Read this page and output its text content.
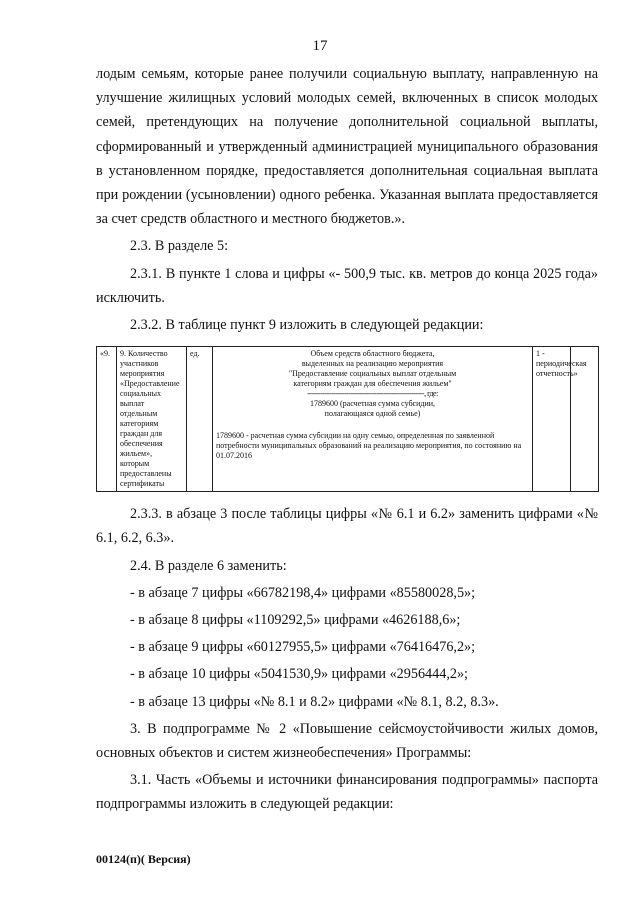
17

лодым семьям, которые ранее получили социальную выплату, направленную на улучшение жилищных условий молодых семей, включенных в список молодых семей, претендующих на получение дополнительной социальной выплаты, сформированный и утвержденный администрацией муниципального образования в установленном порядке, предоставляется дополнительная социальная выплата при рождении (усыновлении) одного ребенка. Указанная выплата предоставляется за счет средств областного и местного бюджетов.».

2.3. В разделе 5:

2.3.1. В пункте 1 слова и цифры «- 500,9 тыс. кв. метров до конца 2025 года» исключить.

2.3.2. В таблице пункт 9 изложить в следующей редакции:

«9.	9. Количество участников мероприятия «Предоставление социальных выплат отдельным категориям граждан для обеспечения жильем», которым предоставлены сертификаты	ед.	Объем средств областного бюджета,
выделенных на реализацию мероприятия
"Предоставление социальных выплат отдельным
категориям граждан для обеспечения жильем"
------------------------------------------------------, где:
1789600 (расчетная сумма субсидии,
полагающаяся одной семье)
1789600 - расчетная сумма субсидии на одну семью, определенная по заявленной потребности муниципальных образований на реализацию мероприятия, по состоянию на 01.07.2016
	1 - периодическая отчетность»	

2.3.3. в абзаце 3 после таблицы цифры «№ 6.1 и 6.2» заменить цифрами «№ 6.1, 6.2, 6.3».

2.4. В разделе 6 заменить:

- в абзаце 7 цифры «66782198,4» цифрами «85580028,5»;

- в абзаце 8 цифры «1109292,5» цифрами «4626188,6»;

- в абзаце 9 цифры «60127955,5» цифрами «76416476,2»;

- в абзаце 10 цифры «5041530,9» цифрами «2956444,2»;

- в абзаце 13 цифры «№ 8.1 и 8.2» цифрами «№ 8.1, 8.2, 8.3».

3. В подпрограмме № 2 «Повышение сейсмоустойчивости жилых домов, основных объектов и систем жизнеобеспечения» Программы:

3.1. Часть «Объемы и источники финансирования подпрограммы» паспорта подпрограммы изложить в следующей редакции:

00124(п)( Версия)
